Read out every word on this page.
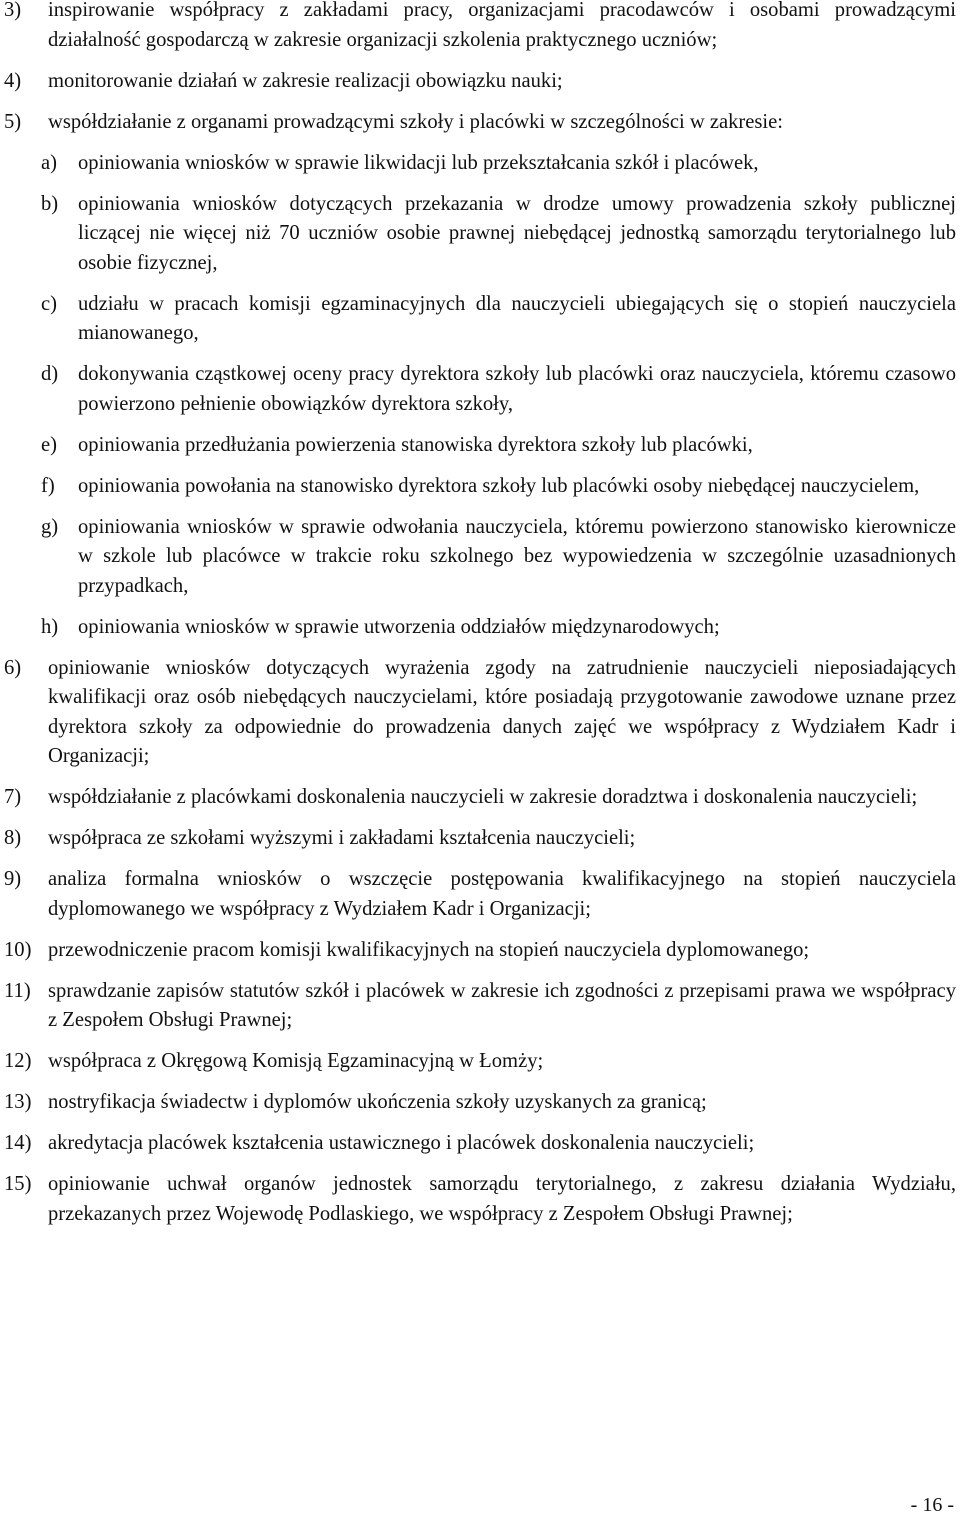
3)	inspirowanie współpracy z zakładami pracy, organizacjami pracodawców i osobami prowadzącymi działalność gospodarczą w zakresie organizacji szkolenia praktycznego uczniów;
4)	monitorowanie działań w zakresie realizacji obowiązku nauki;
5)	współdziałanie z organami prowadzącymi szkoły i placówki w szczególności w zakresie:
a)	opiniowania wniosków w sprawie likwidacji lub przekształcania szkół i placówek,
b) opiniowania wniosków dotyczących przekazania w drodze umowy prowadzenia szkoły publicznej liczącej nie więcej niż 70 uczniów osobie prawnej niebędącej jednostką samorządu terytorialnego lub osobie fizycznej,
c)	udziału w pracach komisji egzaminacyjnych dla nauczycieli ubiegających się o stopień nauczyciela mianowanego,
d) dokonywania cząstkowej oceny pracy dyrektora szkoły lub placówki oraz nauczyciela, któremu czasowo powierzono pełnienie obowiązków dyrektora szkoły,
e)	opiniowania przedłużania powierzenia stanowiska dyrektora szkoły lub placówki,
f)	opiniowania powołania na stanowisko dyrektora szkoły lub placówki osoby niebędącej nauczycielem,
g) opiniowania wniosków w sprawie odwołania nauczyciela, któremu powierzono stanowisko kierownicze w szkole lub placówce w trakcie roku szkolnego bez wypowiedzenia w szczególnie uzasadnionych przypadkach,
h) opiniowania wniosków w sprawie utworzenia oddziałów międzynarodowych;
6)	opiniowanie wniosków dotyczących wyrażenia zgody na zatrudnienie nauczycieli nieposiadających kwalifikacji oraz osób niebędących nauczycielami, które posiadają przygotowanie zawodowe uznane przez dyrektora szkoły za odpowiednie do prowadzenia danych zajęć we współpracy z Wydziałem Kadr i Organizacji;
7)	współdziałanie z placówkami doskonalenia nauczycieli w zakresie doradztwa i doskonalenia nauczycieli;
8)	współpraca ze szkołami wyższymi i zakładami kształcenia nauczycieli;
9)	analiza formalna wniosków o wszczęcie postępowania kwalifikacyjnego na stopień nauczyciela dyplomowanego we współpracy z Wydziałem Kadr i Organizacji;
10) przewodniczenie pracom komisji kwalifikacyjnych na stopień nauczyciela dyplomowanego;
11) sprawdzanie zapisów statutów szkół i placówek w zakresie ich zgodności z przepisami prawa we współpracy z Zespołem Obsługi Prawnej;
12) współpraca z Okręgową Komisją Egzaminacyjną w Łomży;
13) nostryfikacja świadectw i dyplomów ukończenia szkoły uzyskanych za granicą;
14) akredytacja placówek kształcenia ustawicznego i placówek doskonalenia nauczycieli;
15) opiniowanie uchwał organów jednostek samorządu terytorialnego, z zakresu działania Wydziału, przekazanych przez Wojewodę Podlaskiego, we współpracy z Zespołem Obsługi Prawnej;
- 16 -
